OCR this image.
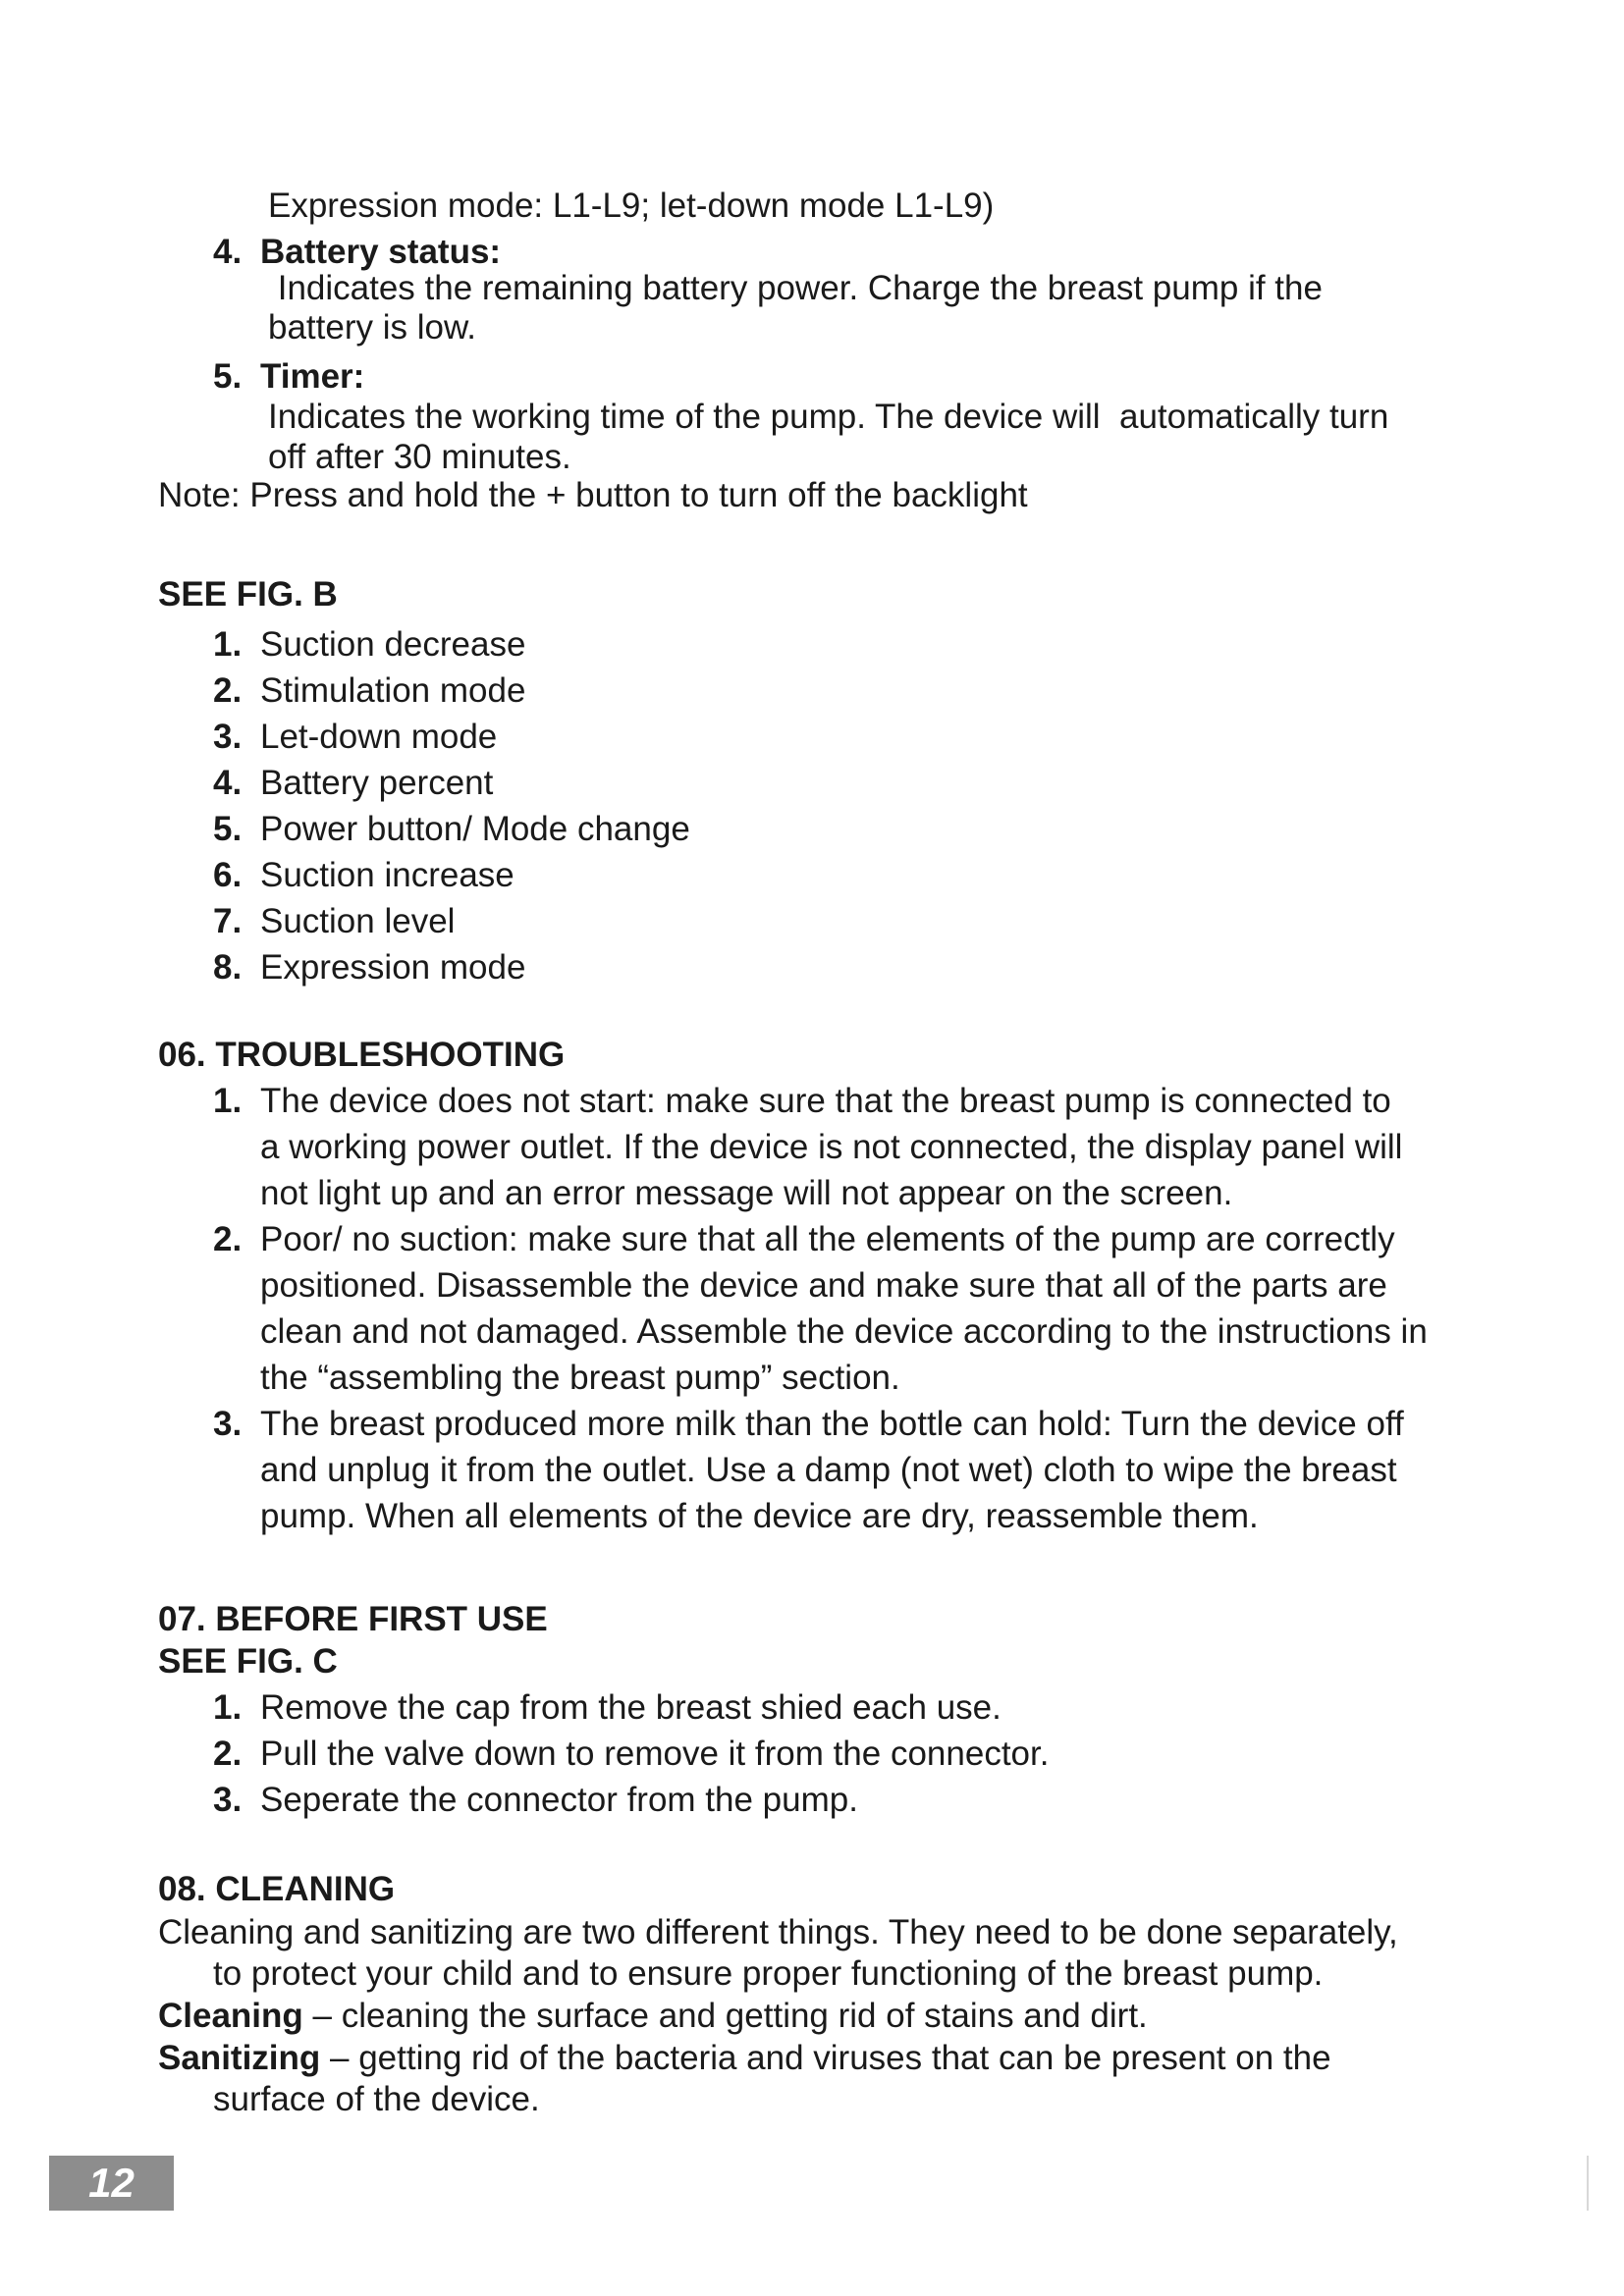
Expression mode: L1-L9; let-down mode L1-L9)
4. Battery status:
Indicates the remaining battery power. Charge the breast pump if the
battery is low.
5. Timer:
Indicates the working time of the pump. The device will  automatically turn
off after 30 minutes.
Note: Press and hold the + button to turn off the backlight
SEE FIG. B
1. Suction decrease
2. Stimulation mode
3. Let-down mode
4. Battery percent
5. Power button/ Mode change
6. Suction increase
7. Suction level
8. Expression mode
06. TROUBLESHOOTING
1. The device does not start: make sure that the breast pump is connected to
a working power outlet. If the device is not connected, the display panel will
not light up and an error message will not appear on the screen.
2. Poor/ no suction: make sure that all the elements of the pump are correctly
positioned. Disassemble the device and make sure that all of the parts are
clean and not damaged. Assemble the device according to the instructions in
the “assembling the breast pump” section.
3. The breast produced more milk than the bottle can hold: Turn the device off
and unplug it from the outlet. Use a damp (not wet) cloth to wipe the breast
pump. When all elements of the device are dry, reassemble them.
07. BEFORE FIRST USE
SEE FIG. C
1. Remove the cap from the breast shied each use.
2. Pull the valve down to remove it from the connector.
3. Seperate the connector from the pump.
08. CLEANING
Cleaning and sanitizing are two different things. They need to be done separately,
to protect your child and to ensure proper functioning of the breast pump.
Cleaning – cleaning the surface and getting rid of stains and dirt.
Sanitizing – getting rid of the bacteria and viruses that can be present on the
surface of the device.
12
